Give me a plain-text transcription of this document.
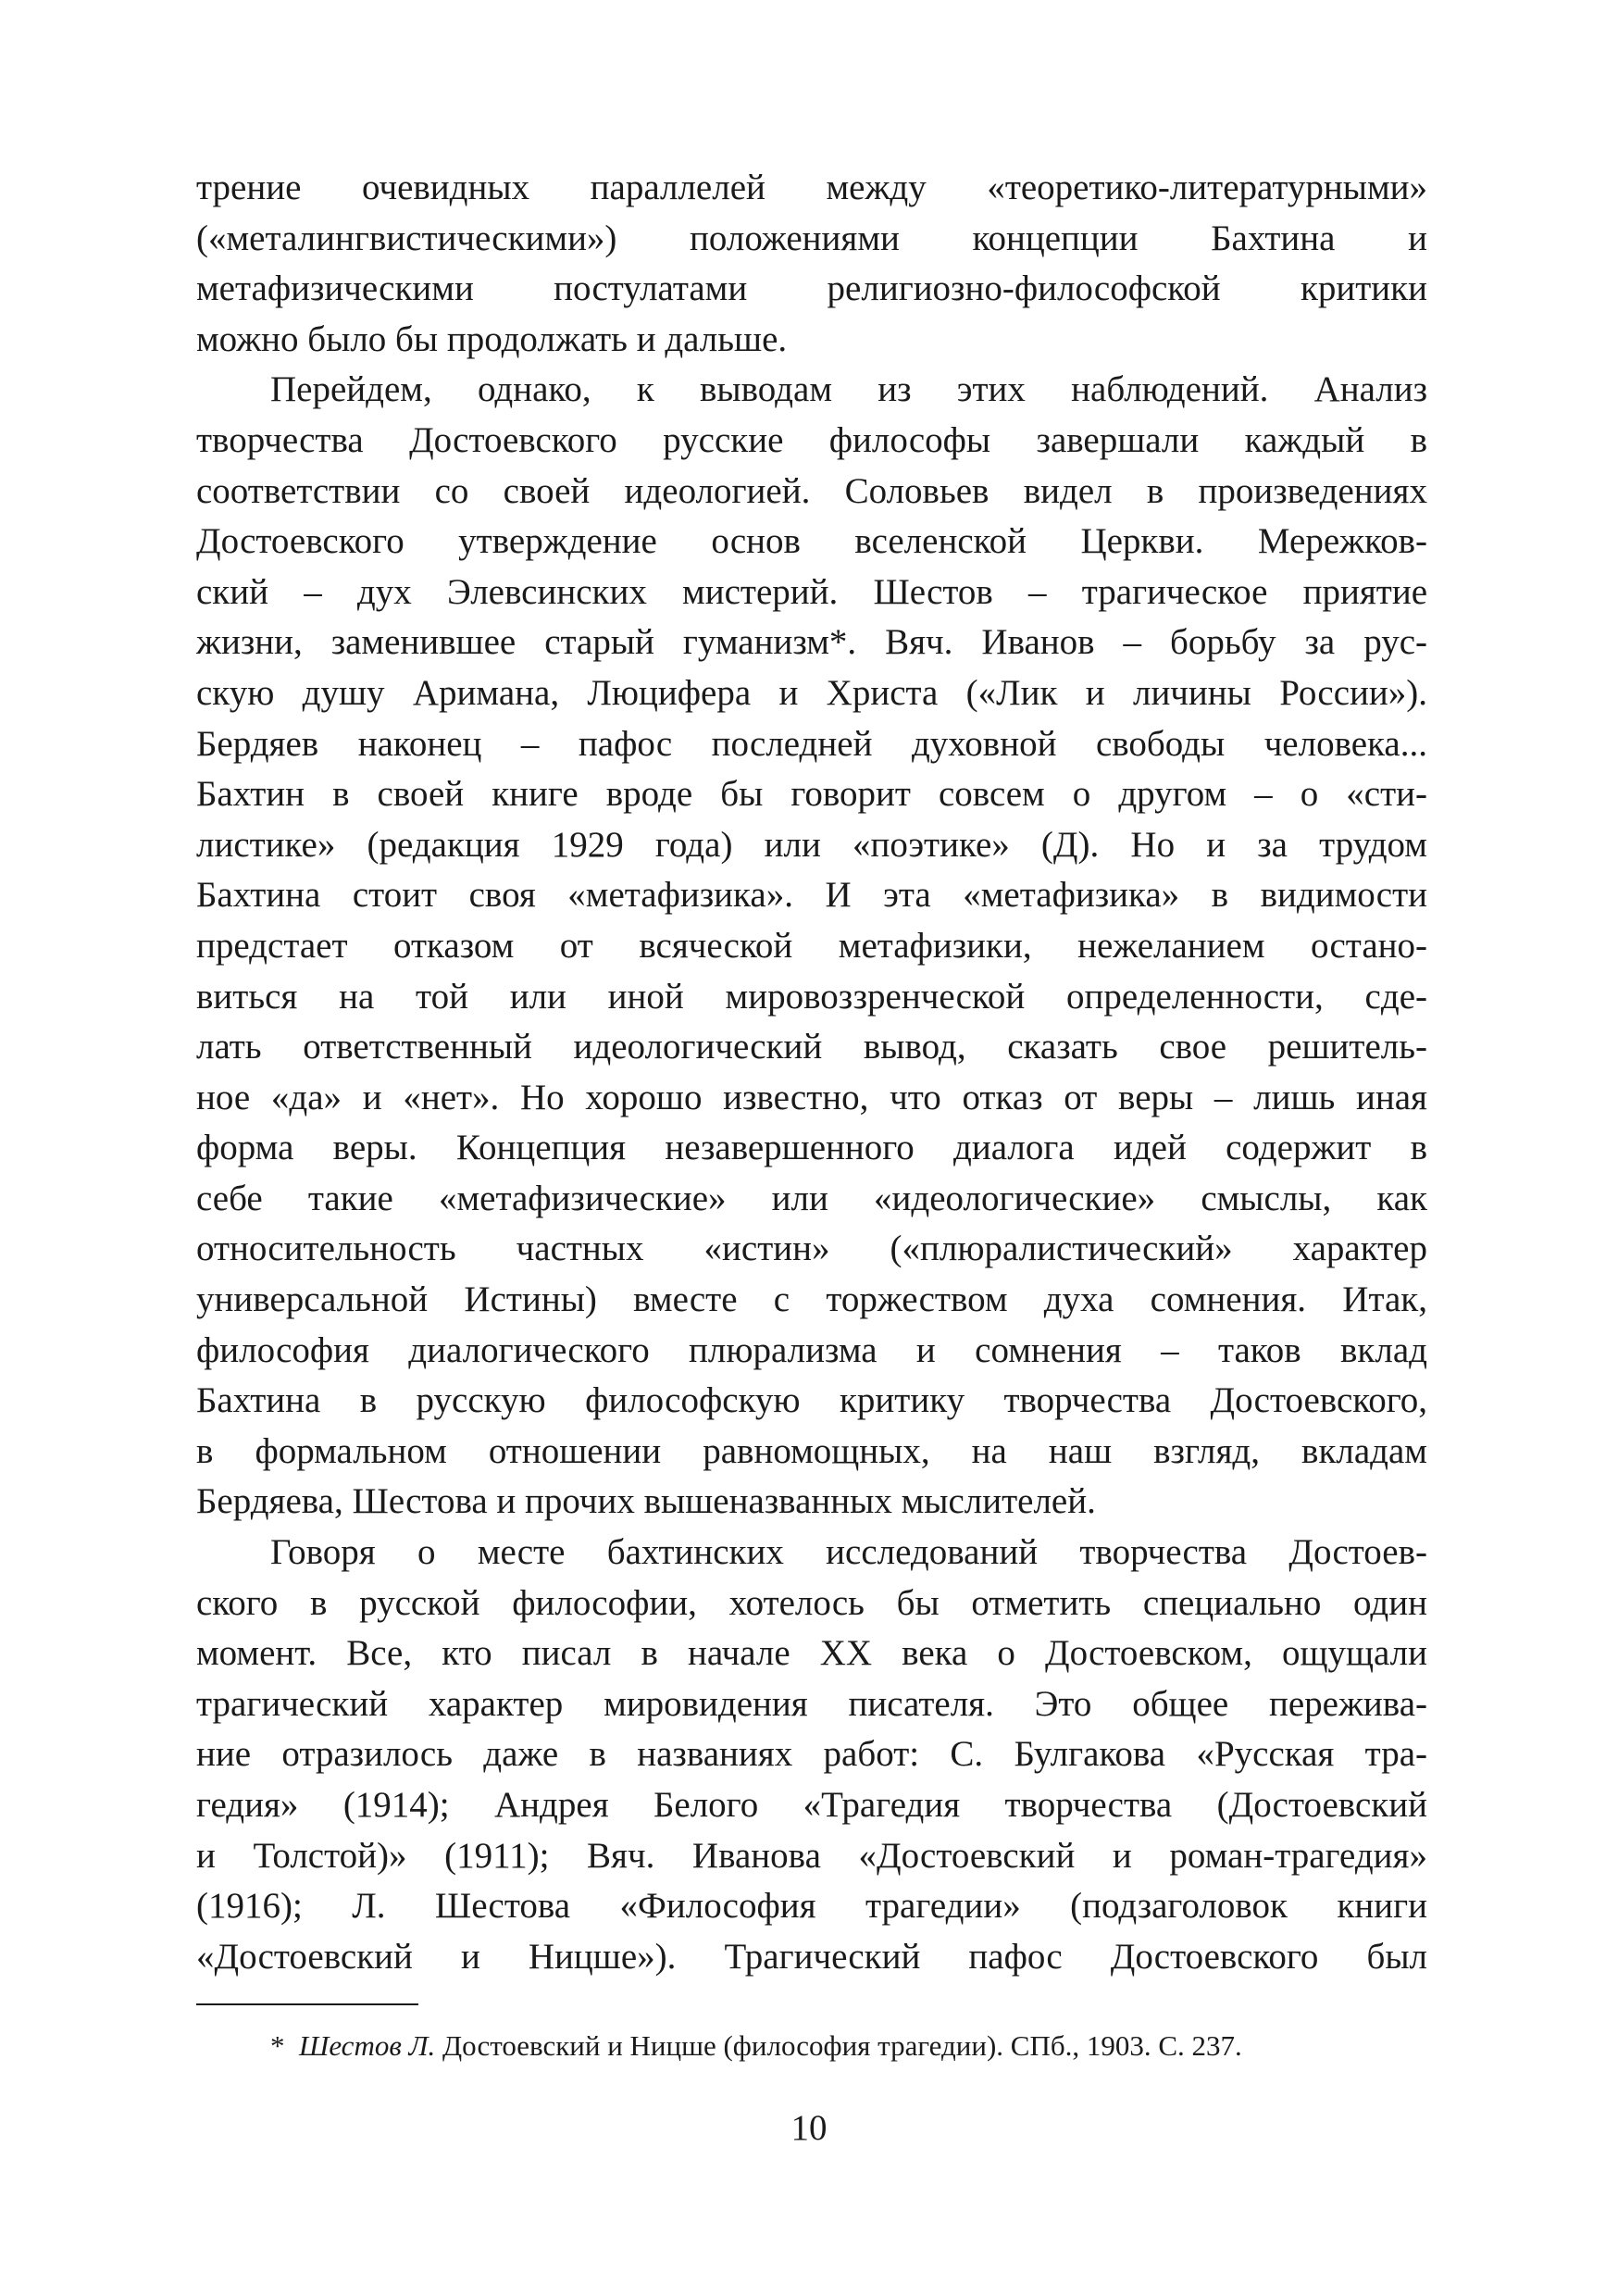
трение очевидных параллелей между «теоретико-литературными»
(«металингвистическими») положениями концепции Бахтина и
метафизическими постулатами религиозно-философской критики
можно было бы продолжать и дальше.
Перейдем, однако, к выводам из этих наблюдений. Анализ
творчества Достоевского русские философы завершали каждый в
соответствии со своей идеологией. Соловьев видел в произведениях
Достоевского утверждение основ вселенской Церкви. Мережков-
ский – дух Элевсинских мистерий. Шестов – трагическое приятие
жизни, заменившее старый гуманизм*. Вяч. Иванов – борьбу за рус-
скую душу Аримана, Люцифера и Христа («Лик и личины России»).
Бердяев наконец – пафос последней духовной свободы человека...
Бахтин в своей книге вроде бы говорит совсем о другом – о «сти-
листике» (редакция 1929 года) или «поэтике» (Д). Но и за трудом
Бахтина стоит своя «метафизика». И эта «метафизика» в видимости
предстает отказом от всяческой метафизики, нежеланием остано-
виться на той или иной мировоззренческой определенности, сде-
лать ответственный идеологический вывод, сказать свое решитель-
ное «да» и «нет». Но хорошо известно, что отказ от веры – лишь иная
форма веры. Концепция незавершенного диалога идей содержит в
себе такие «метафизические» или «идеологические» смыслы, как
относительность частных «истин» («плюралистический» характер
универсальной Истины) вместе с торжеством духа сомнения. Итак,
философия диалогического плюрализма и сомнения – таков вклад
Бахтина в русскую философскую критику творчества Достоевского,
в формальном отношении равномощных, на наш взгляд, вкладам
Бердяева, Шестова и прочих вышеназванных мыслителей.
Говоря о месте бахтинских исследований творчества Достоев-
ского в русской философии, хотелось бы отметить специально один
момент. Все, кто писал в начале XX века о Достоевском, ощущали
трагический характер мировидения писателя. Это общее пережива-
ние отразилось даже в названиях работ: С. Булгакова «Русская тра-
гедия» (1914); Андрея Белого «Трагедия творчества (Достоевский
и Толстой)» (1911); Вяч. Иванова «Достоевский и роман-трагедия»
(1916); Л. Шестова «Философия трагедии» (подзаголовок книги
«Достоевский и Ницше»). Трагический пафос Достоевского был
* Шестов Л. Достоевский и Ницше (философия трагедии). СПб., 1903. С. 237.
10
